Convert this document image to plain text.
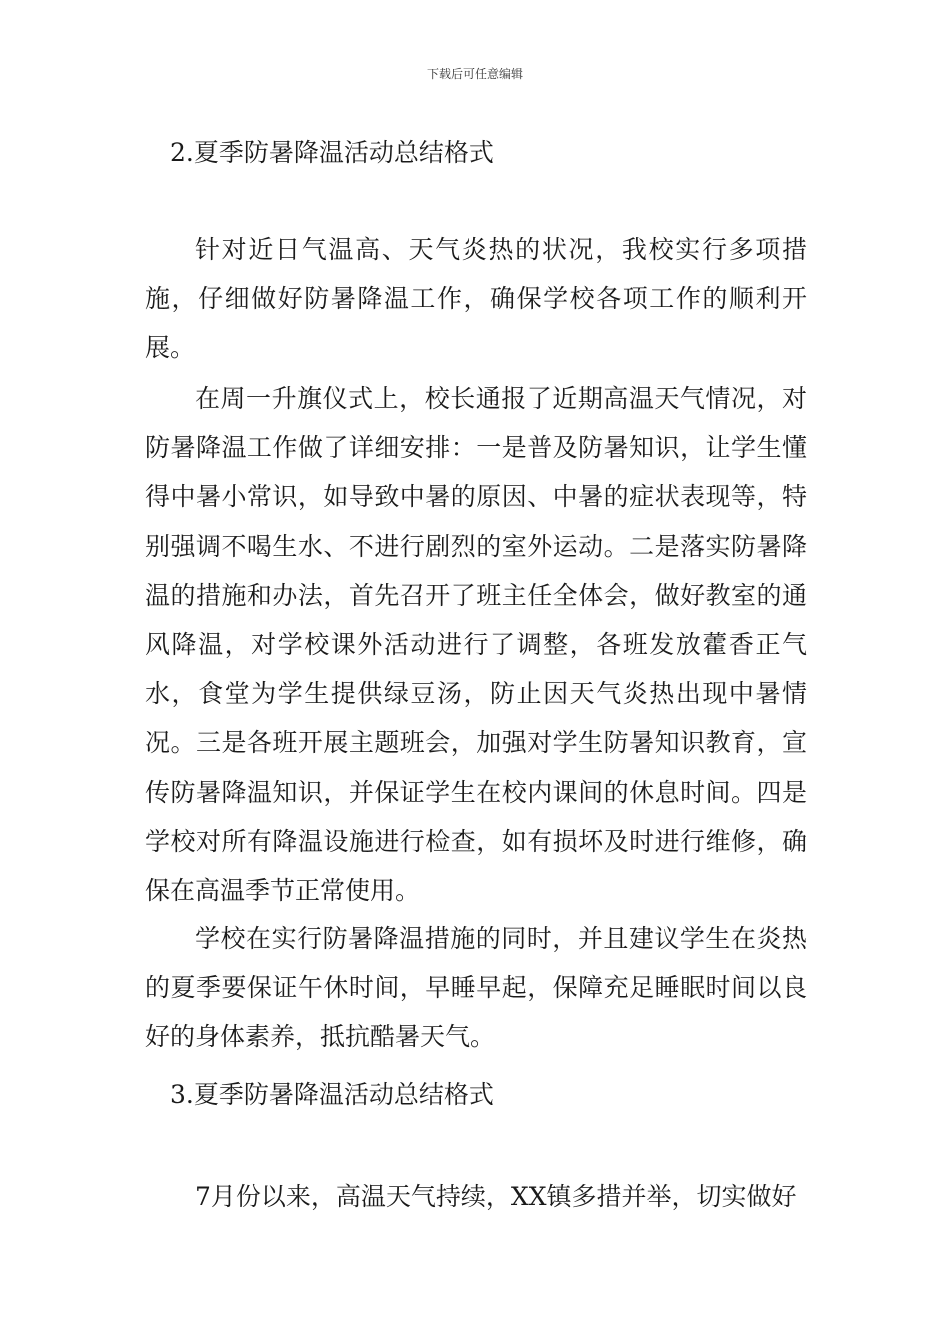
下载后可任意编辑
2.夏季防暑降温活动总结格式

针对近日气温高、天气炎热的状况，我校实行多项措施，仔细做好防暑降温工作，确保学校各项工作的顺利开展。

在周一升旗仪式上，校长通报了近期高温天气情况，对防暑降温工作做了详细安排：一是普及防暑知识，让学生懂得中暑小常识，如导致中暑的原因、中暑的症状表现等，特别强调不喝生水、不进行剧烈的室外运动。二是落实防暑降温的措施和办法，首先召开了班主任全体会，做好教室的通风降温，对学校课外活动进行了调整，各班发放藿香正气水，食堂为学生提供绿豆汤，防止因天气炎热出现中暑情况。三是各班开展主题班会，加强对学生防暑知识教育，宣传防暑降温知识，并保证学生在校内课间的休息时间。四是学校对所有降温设施进行检查，如有损坏及时进行维修，确保在高温季节正常使用。

学校在实行防暑降温措施的同时，并且建议学生在炎热的夏季要保证午休时间，早睡早起，保障充足睡眠时间以良好的身体素养，抵抗酷暑天气。

3.夏季防暑降温活动总结格式

7月份以来，高温天气持续，XX镇多措并举，切实做好
